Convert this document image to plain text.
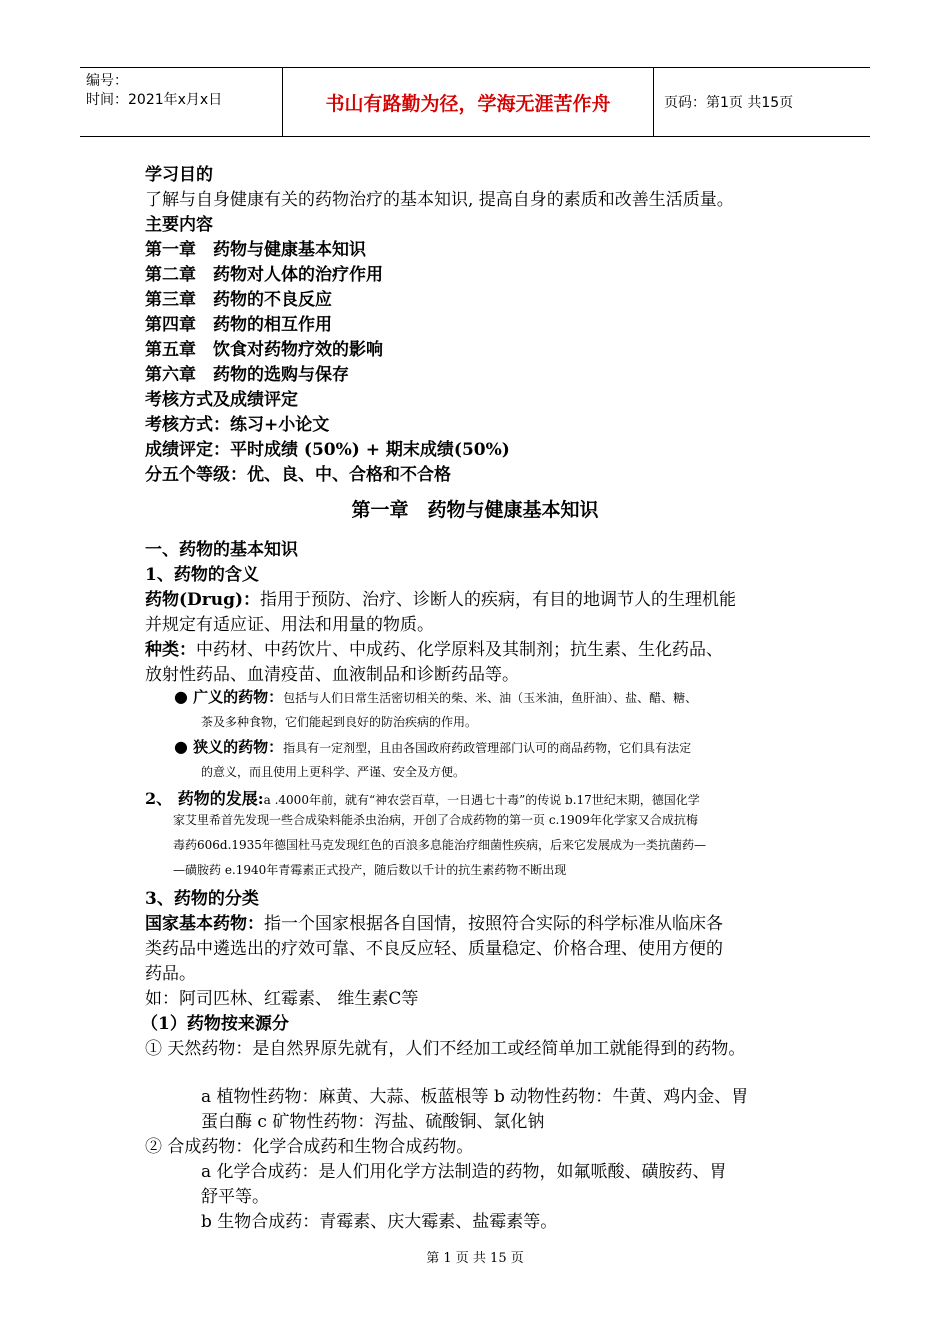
编号：
时间：2021年x月x日	书山有路勤为径，学海无涯苦作舟	页码：第1页 共15页
学习目的
了解与自身健康有关的药物治疗的基本知识, 提高自身的素质和改善生活质量。
主要内容
第一章　药物与健康基本知识
第二章　药物对人体的治疗作用
第三章　药物的不良反应
第四章　药物的相互作用
第五章　饮食对药物疗效的影响
第六章　药物的选购与保存
考核方式及成绩评定
考核方式：练习+小论文
成绩评定：平时成绩 (50%) + 期末成绩(50%)
分五个等级：优、良、中、合格和不合格
第一章　药物与健康基本知识
一、药物的基本知识
1、药物的含义
药物(Drug)：指用于预防、治疗、诊断人的疾病，有目的地调节人的生理机能
并规定有适应证、用法和用量的物质。
种类：中药材、中药饮片、中成药、化学原料及其制剂；抗生素、生化药品、
放射性药品、血清疫苗、血液制品和诊断药品等。
● 广义的药物：包括与人们日常生活密切相关的柴、米、油（玉米油，鱼肝油）、盐、醋、糖、
茶及多种食物，它们能起到良好的防治疾病的作用。
● 狭义的药物：指具有一定剂型，且由各国政府药政管理部门认可的商品药物，它们具有法定
的意义，而且使用上更科学、严谨、安全及方便。
2、 药物的发展:a .4000年前，就有“神农尝百草，一日遇七十毒”的传说 b.17世纪末期，德国化学
家艾里希首先发现一些合成染料能杀虫治病，开创了合成药物的第一页 c.1909年化学家又合成抗梅
毒药606d.1935年德国杜马克发现红色的百浪多息能治疗细菌性疾病，后来它发展成为一类抗菌药—
—磺胺药 e.1940年青霉素正式投产，随后数以千计的抗生素药物不断出现
3、药物的分类
国家基本药物：指一个国家根据各自国情，按照符合实际的科学标准从临床各
类药品中遴选出的疗效可靠、不良反应轻、质量稳定、价格合理、使用方便的
药品。
如：阿司匹林、红霉素、 维生素C等
（1）药物按来源分
① 天然药物：是自然界原先就有，人们不经加工或经简单加工就能得到的药物。
a 植物性药物：麻黄、大蒜、板蓝根等 b 动物性药物：牛黄、鸡内金、胃
蛋白酶 c 矿物性药物：泻盐、硫酸铜、氯化钠
② 合成药物：化学合成药和生物合成药物。
a 化学合成药：是人们用化学方法制造的药物，如氟哌酸、磺胺药、胃
舒平等。
b 生物合成药：青霉素、庆大霉素、盐霉素等。
第 1 页 共 15 页
